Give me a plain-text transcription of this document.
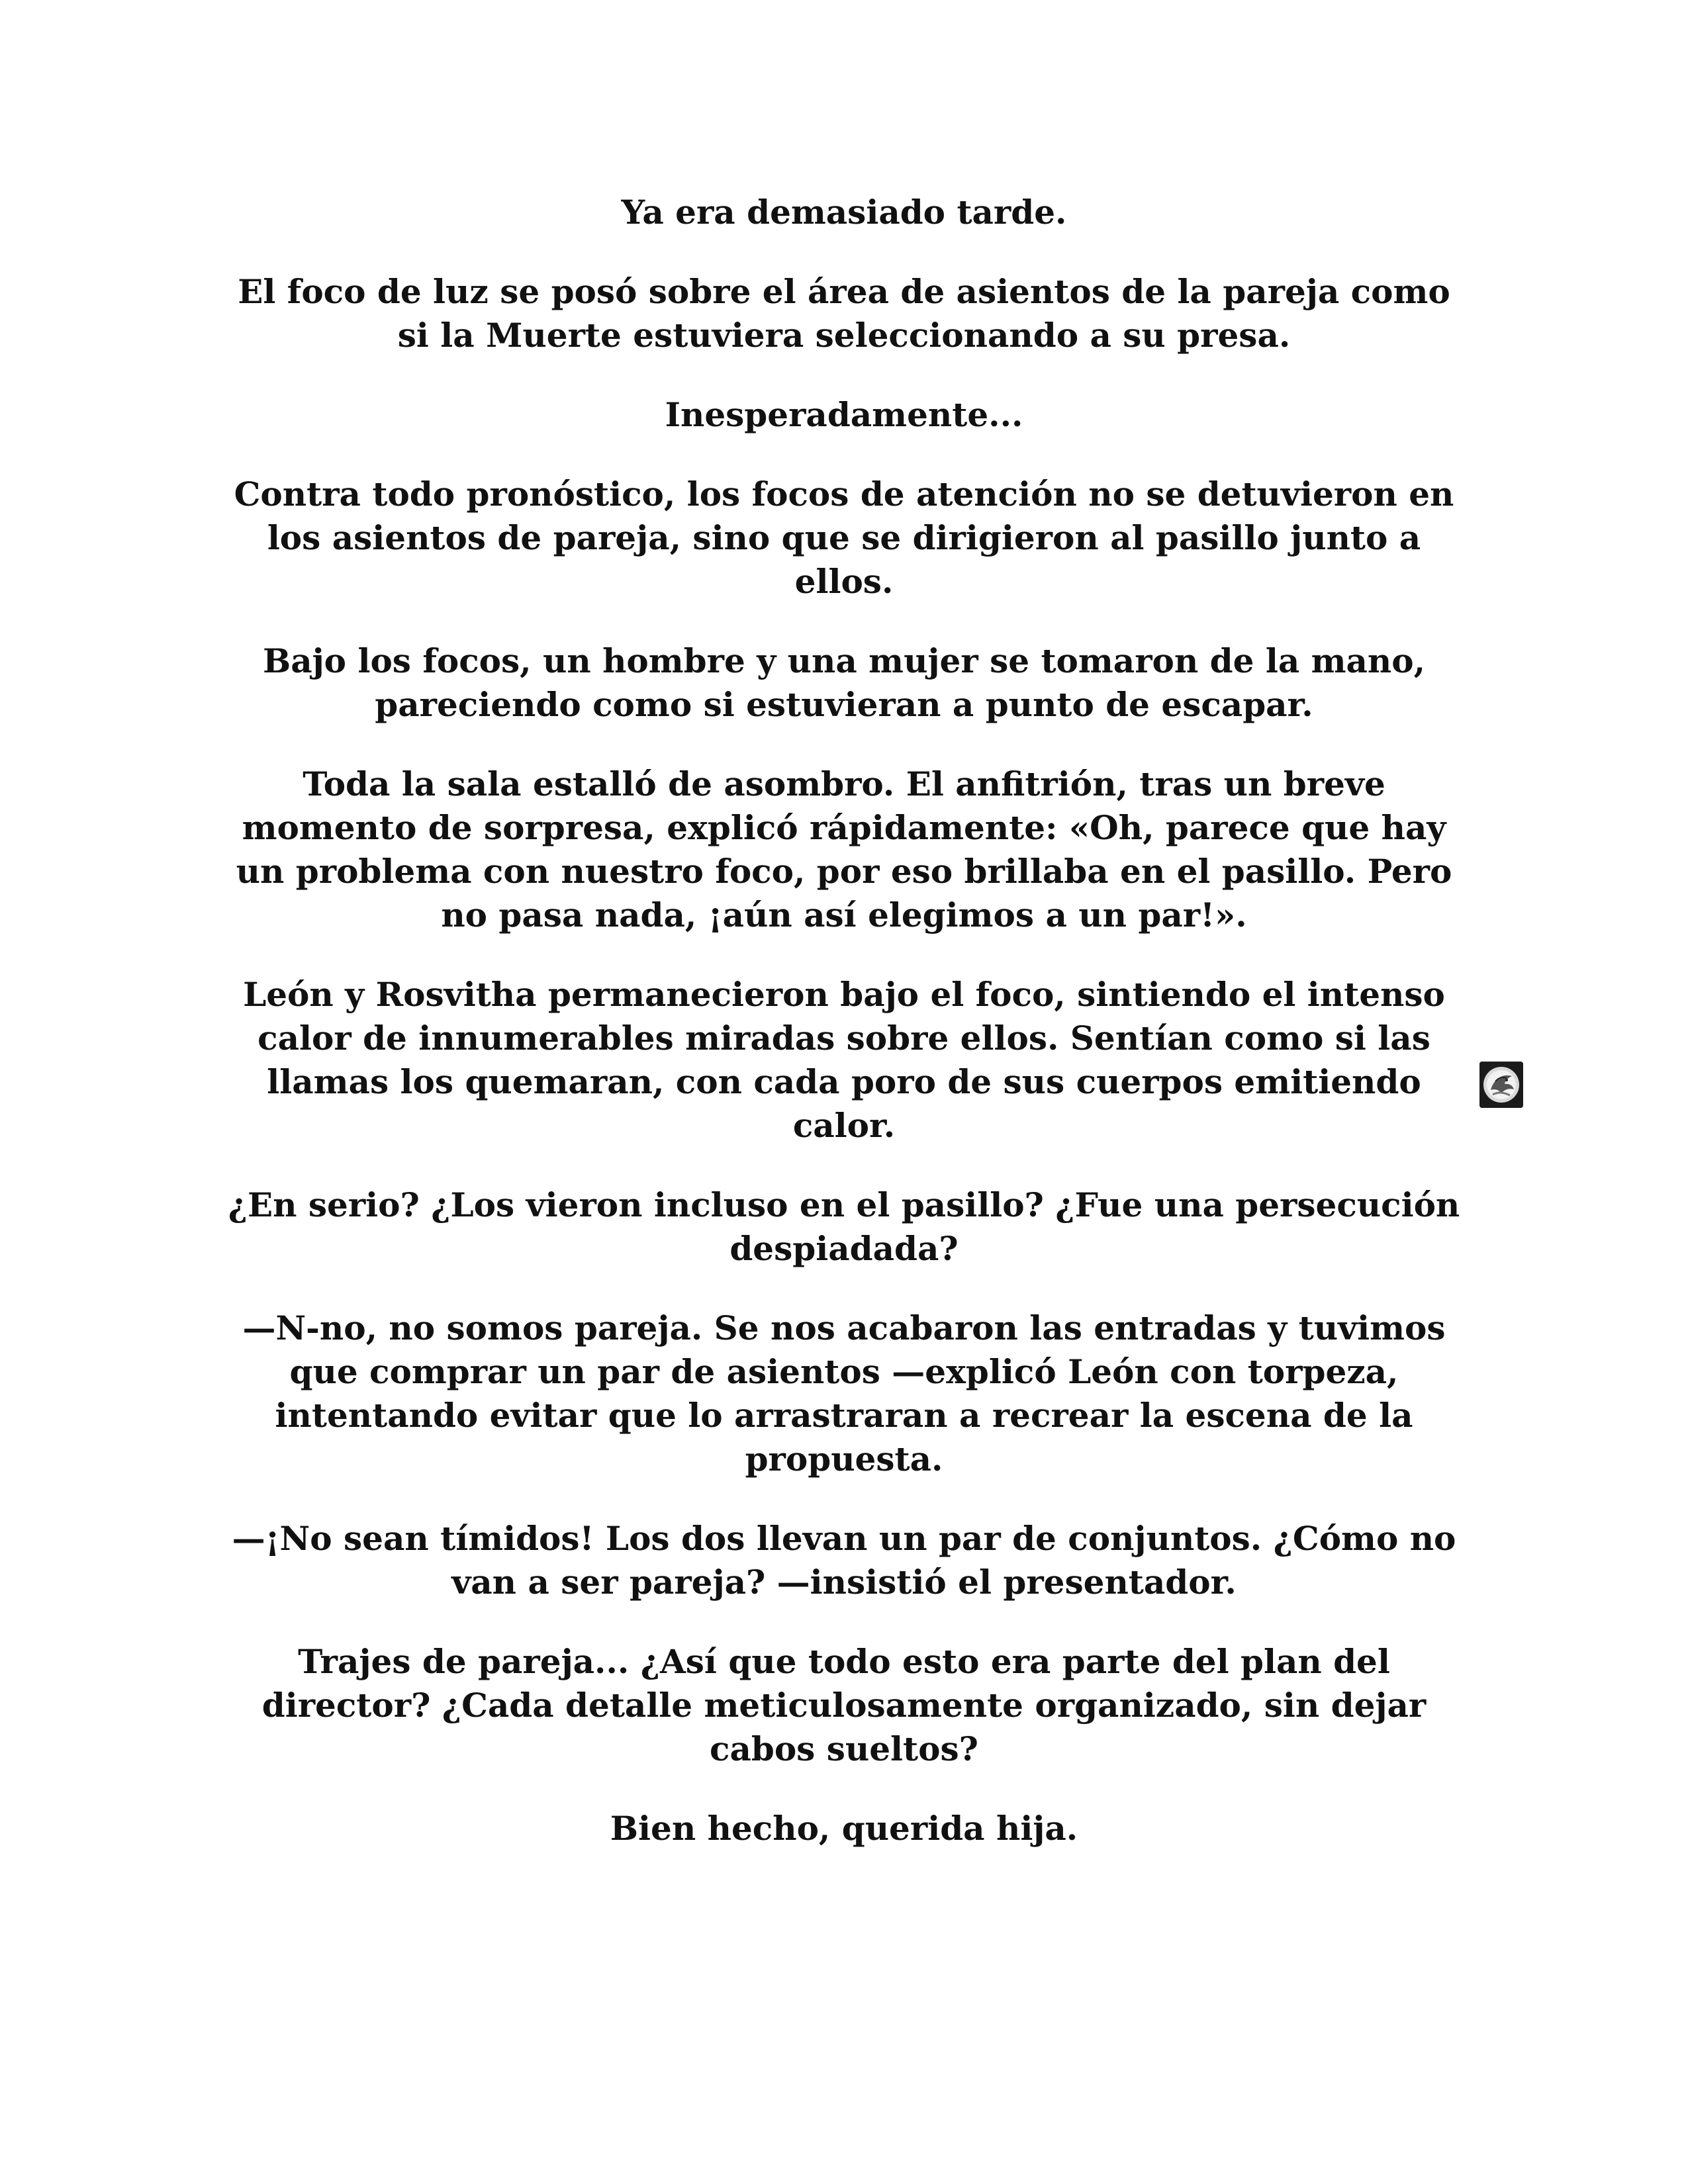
Ya era demasiado tarde.

El foco de luz se posó sobre el área de asientos de la pareja como si la Muerte estuviera seleccionando a su presa.

Inesperadamente...

Contra todo pronóstico, los focos de atención no se detuvieron en los asientos de pareja, sino que se dirigieron al pasillo junto a ellos.

Bajo los focos, un hombre y una mujer se tomaron de la mano, pareciendo como si estuvieran a punto de escapar.

Toda la sala estalló de asombro. El anfitrión, tras un breve momento de sorpresa, explicó rápidamente: «Oh, parece que hay un problema con nuestro foco, por eso brillaba en el pasillo. Pero no pasa nada, ¡aún así elegimos a un par!».

León y Rosvitha permanecieron bajo el foco, sintiendo el intenso calor de innumerables miradas sobre ellos. Sentían como si las llamas los quemaran, con cada poro de sus cuerpos emitiendo calor.

¿En serio? ¿Los vieron incluso en el pasillo? ¿Fue una persecución despiadada?

—N-no, no somos pareja. Se nos acabaron las entradas y tuvimos que comprar un par de asientos —explicó León con torpeza, intentando evitar que lo arrastraran a recrear la escena de la propuesta.

—¡No sean tímidos! Los dos llevan un par de conjuntos. ¿Cómo no van a ser pareja? —insistió el presentador.

Trajes de pareja... ¿Así que todo esto era parte del plan del director? ¿Cada detalle meticulosamente organizado, sin dejar cabos sueltos?

Bien hecho, querida hija.
